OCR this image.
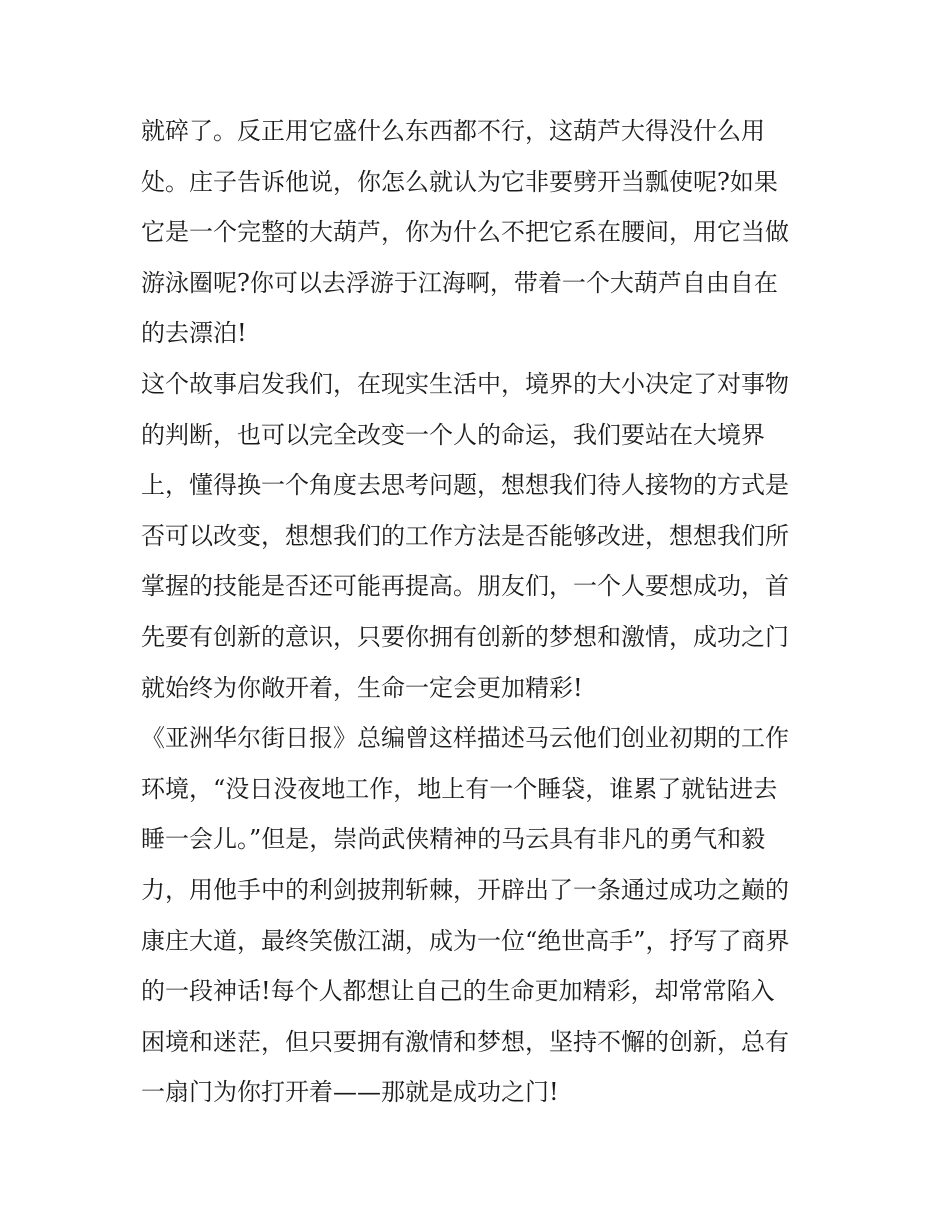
就碎了。反正用它盛什么东西都不行，这葫芦大得没什么用
处。庄子告诉他说，你怎么就认为它非要劈开当瓢使呢?如果
它是一个完整的大葫芦，你为什么不把它系在腰间，用它当做
游泳圈呢?你可以去浮游于江海啊，带着一个大葫芦自由自在
的去漂泊!
这个故事启发我们，在现实生活中，境界的大小决定了对事物
的判断，也可以完全改变一个人的命运，我们要站在大境界
上，懂得换一个角度去思考问题，想想我们待人接物的方式是
否可以改变，想想我们的工作方法是否能够改进，想想我们所
掌握的技能是否还可能再提高。朋友们，一个人要想成功，首
先要有创新的意识，只要你拥有创新的梦想和激情，成功之门
就始终为你敞开着，生命一定会更加精彩!
《亚洲华尔街日报》总编曾这样描述马云他们创业初期的工作
环境，“没日没夜地工作，地上有一个睡袋，谁累了就钻进去
睡一会儿。”但是，崇尚武侠精神的马云具有非凡的勇气和毅
力，用他手中的利剑披荆斩棘，开辟出了一条通过成功之巅的
康庄大道，最终笑傲江湖，成为一位“绝世高手”，抒写了商界
的一段神话!每个人都想让自己的生命更加精彩，却常常陷入
困境和迷茫，但只要拥有激情和梦想，坚持不懈的创新，总有
一扇门为你打开着——那就是成功之门!
